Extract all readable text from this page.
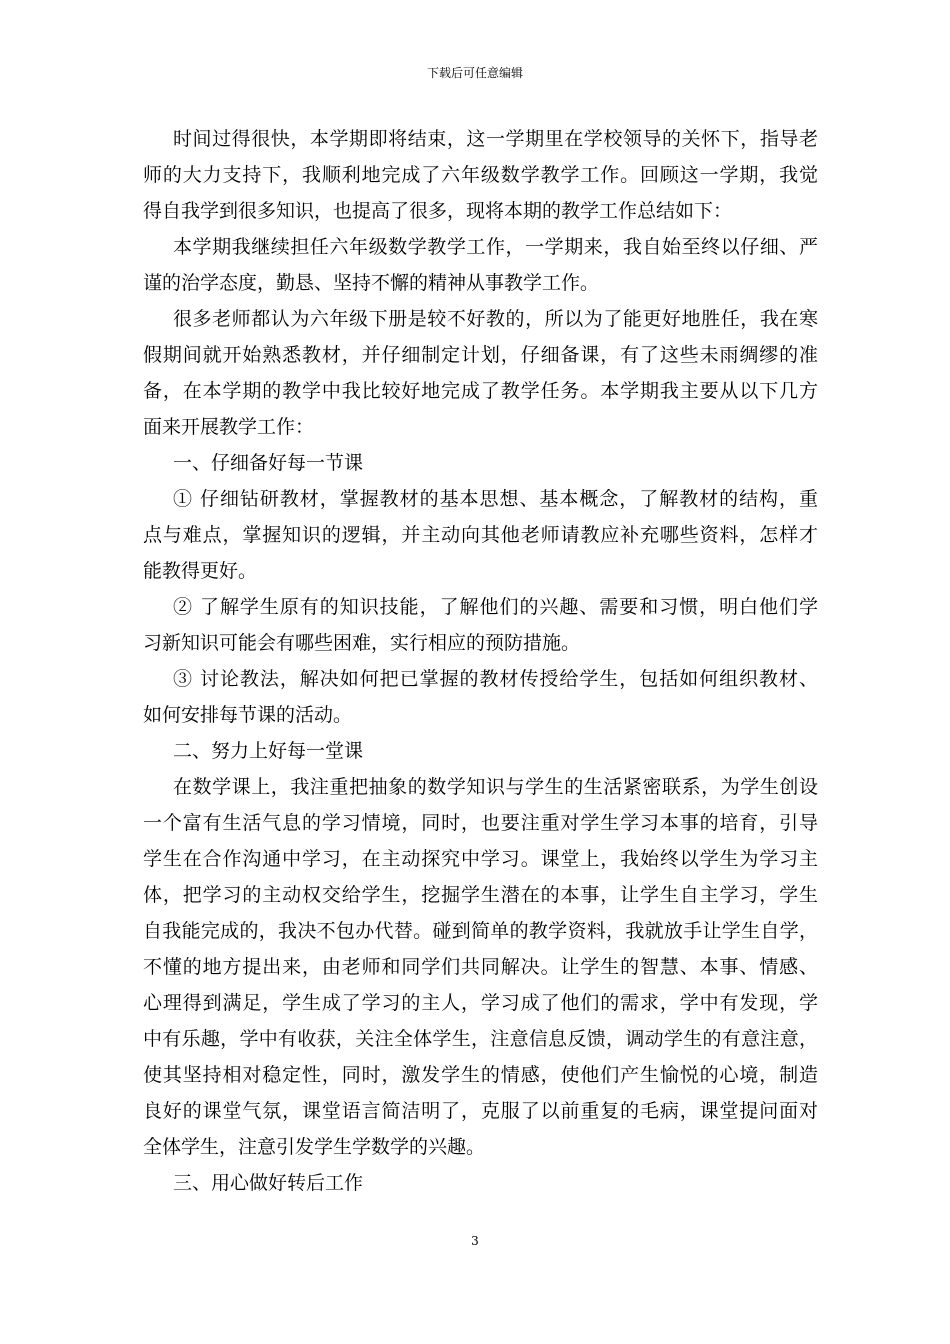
下载后可任意编辑
时间过得很快，本学期即将结束，这一学期里在学校领导的关怀下，指导老
师的大力支持下，我顺利地完成了六年级数学教学工作。回顾这一学期，我觉
得自我学到很多知识，也提高了很多，现将本期的教学工作总结如下：
本学期我继续担任六年级数学教学工作，一学期来，我自始至终以仔细、严
谨的治学态度，勤恳、坚持不懈的精神从事教学工作。
很多老师都认为六年级下册是较不好教的，所以为了能更好地胜任，我在寒
假期间就开始熟悉教材，并仔细制定计划，仔细备课，有了这些未雨绸缪的准
备，在本学期的教学中我比较好地完成了教学任务。本学期我主要从以下几方
面来开展教学工作：
一、仔细备好每一节课
① 仔细钻研教材，掌握教材的基本思想、基本概念，了解教材的结构，重
点与难点，掌握知识的逻辑，并主动向其他老师请教应补充哪些资料，怎样才
能教得更好。
② 了解学生原有的知识技能，了解他们的兴趣、需要和习惯，明白他们学
习新知识可能会有哪些困难，实行相应的预防措施。
③ 讨论教法，解决如何把已掌握的教材传授给学生，包括如何组织教材、
如何安排每节课的活动。
二、努力上好每一堂课
在数学课上，我注重把抽象的数学知识与学生的生活紧密联系，为学生创设
一个富有生活气息的学习情境，同时，也要注重对学生学习本事的培育，引导
学生在合作沟通中学习，在主动探究中学习。课堂上，我始终以学生为学习主
体，把学习的主动权交给学生，挖掘学生潜在的本事，让学生自主学习，学生
自我能完成的，我决不包办代替。碰到简单的教学资料，我就放手让学生自学，
不懂的地方提出来，由老师和同学们共同解决。让学生的智慧、本事、情感、
心理得到满足，学生成了学习的主人，学习成了他们的需求，学中有发现，学
中有乐趣，学中有收获，关注全体学生，注意信息反馈，调动学生的有意注意，
使其坚持相对稳定性，同时，激发学生的情感，使他们产生愉悦的心境，制造
良好的课堂气氛，课堂语言简洁明了，克服了以前重复的毛病，课堂提问面对
全体学生，注意引发学生学数学的兴趣。
三、用心做好转后工作
3
